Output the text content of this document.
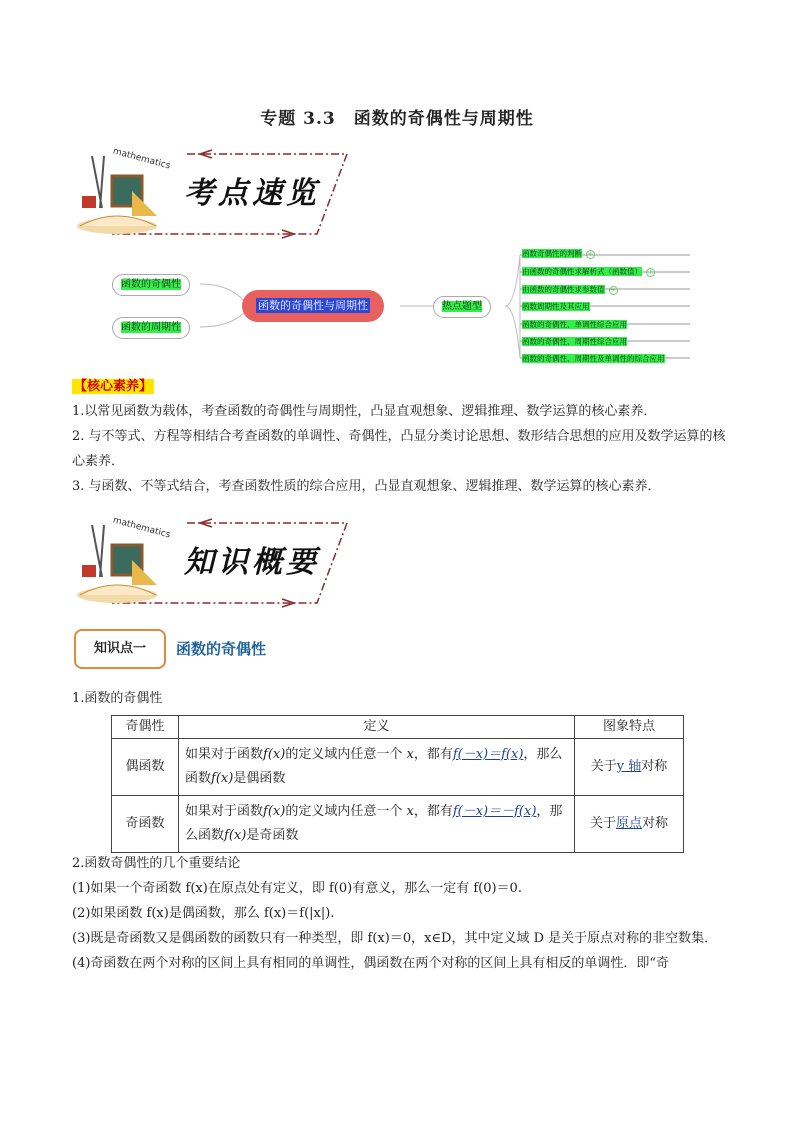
专题 3.3　函数的奇偶性与周期性
mathematics
考点速览
函数的奇偶性
函数的周期性
函数的奇偶性与周期性	热点题型
函数奇偶性的判断 +
由函数的奇偶性求解析式（函数值） +
由函数的奇偶性求参数值 +
函数周期性及其应用
函数的奇偶性、单调性综合应用
函数的奇偶性、周期性综合应用
函数的奇偶性、周期性及单调性的综合应用
【核心素养】
1.以常见函数为载体，考查函数的奇偶性与周期性，凸显直观想象、逻辑推理、数学运算的核心素养．
2. 与不等式、方程等相结合考查函数的单调性、奇偶性，凸显分类讨论思想、数形结合思想的应用及数学运算的核心素养．
3. 与函数、不等式结合，考查函数性质的综合应用，凸显直观想象、逻辑推理、数学运算的核心素养．
mathematics
知识概要
知识点一	函数的奇偶性
1.函数的奇偶性
奇偶性	定义	图象特点
偶函数	如果对于函数f(x)的定义域内任意一个 x，都有f(－x)＝f(x)，那么函数f(x)是偶函数	关于y 轴对称
奇函数	如果对于函数f(x)的定义域内任意一个 x，都有f(－x)＝－f(x)，那么函数f(x)是奇函数	关于原点对称
2.函数奇偶性的几个重要结论
(1)如果一个奇函数 f(x)在原点处有定义，即 f(0)有意义，那么一定有 f(0)＝0.
(2)如果函数 f(x)是偶函数，那么 f(x)＝f(|x|).
(3)既是奇函数又是偶函数的函数只有一种类型，即 f(x)＝0，x∈D，其中定义域 D 是关于原点对称的非空数集．
(4)奇函数在两个对称的区间上具有相同的单调性，偶函数在两个对称的区间上具有相反的单调性．即“奇
